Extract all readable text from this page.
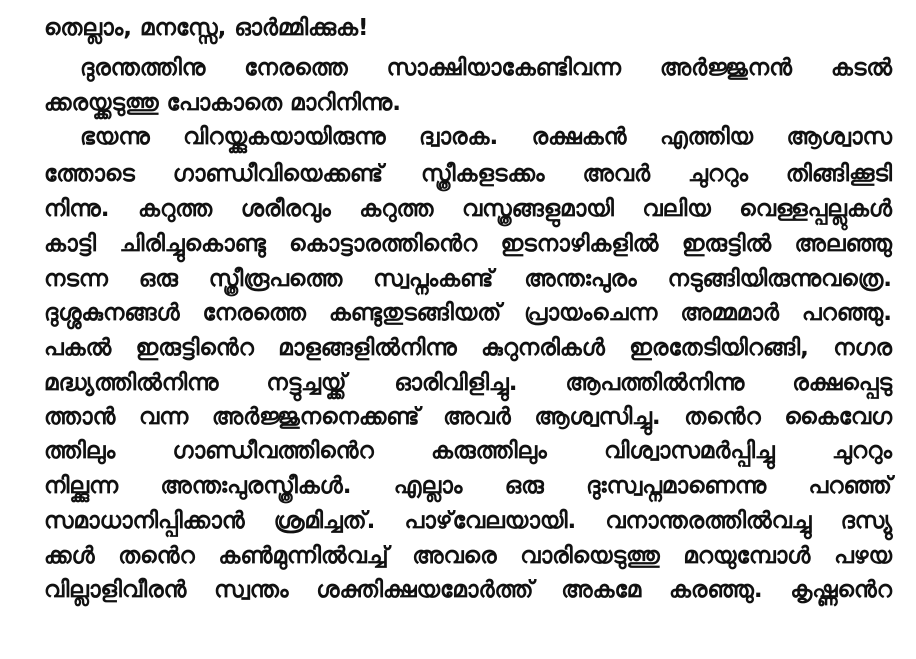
തെല്ലാം, മനസ്സേ, ഓർമ്മിക്കുക!
ദുരന്തത്തിനു നേരത്തെ സാക്ഷിയാകേണ്ടിവന്ന അർജ്ജുനൻ കടൽ
ക്കരയ്ക്കടുത്തു പോകാതെ മാറിനിന്നു.
ഭയന്നു വിറയ്ക്കുകയായിരുന്നു ദ്വാരക. രക്ഷകൻ എത്തിയ ആശ്വാസ
ത്തോടെ ഗാണ്ഡീവിയെക്കണ്ട് സ്ത്രീകളടക്കം അവർ ചുററും തിങ്ങിക്കൂടി
നിന്നു. കറുത്ത ശരീരവും കറുത്ത വസ്ത്രങ്ങളുമായി വലിയ വെള്ളപ്പല്ലുകൾ
കാട്ടി ചിരിച്ചുകൊണ്ടു കൊട്ടാരത്തിൻെറ ഇടനാഴികളിൽ ഇരുട്ടിൽ അലഞ്ഞു
നടന്ന ഒരു സ്ത്രീരൂപത്തെ സ്വപ്നംകണ്ട് അന്തഃപുരം നടുങ്ങിയിരുന്നുവത്രെ.
ദുശ്ശകുനങ്ങൾ നേരത്തെ കണ്ടുതുടങ്ങിയത് പ്രായംചെന്ന അമ്മമാർ പറഞ്ഞു.
പകൽ ഇരുട്ടിൻെറ മാളങ്ങളിൽനിന്നു കുറുനരികൾ ഇരതേടിയിറങ്ങി, നഗര
മദ്ധ്യത്തിൽനിന്നു നട്ടുച്ചയ്ക്ക് ഓരിവിളിച്ചു. ആപത്തിൽനിന്നു രക്ഷപ്പെടു
ത്താൻ വന്ന അർജ്ജുനനെക്കണ്ട് അവർ ആശ്വസിച്ചു. തൻെറ കൈവേഗ
ത്തിലും ഗാണ്ഡീവത്തിൻെറ കരുത്തിലും വിശ്വാസമർപ്പിച്ചു ചുററും
നില്ക്കുന്ന അന്തഃപുരസ്ത്രീകൾ. എല്ലാം ഒരു ദുഃസ്വപ്നമാണെന്നു പറഞ്ഞ്
സമാധാനിപ്പിക്കാൻ ശ്രമിച്ചത്. പാഴ്‌വേലയായി. വനാന്തരത്തിൽവച്ചു ദസ്യു
ക്കൾ തൻെറ കൺമുന്നിൽവച്ച് അവരെ വാരിയെടുത്തു മറയുമ്പോൾ പഴയ
വില്ലാളിവീരൻ സ്വന്തം ശക്തിക്ഷയമോർത്ത് അകമേ കരഞ്ഞു. കൃഷ്ണൻെറ
